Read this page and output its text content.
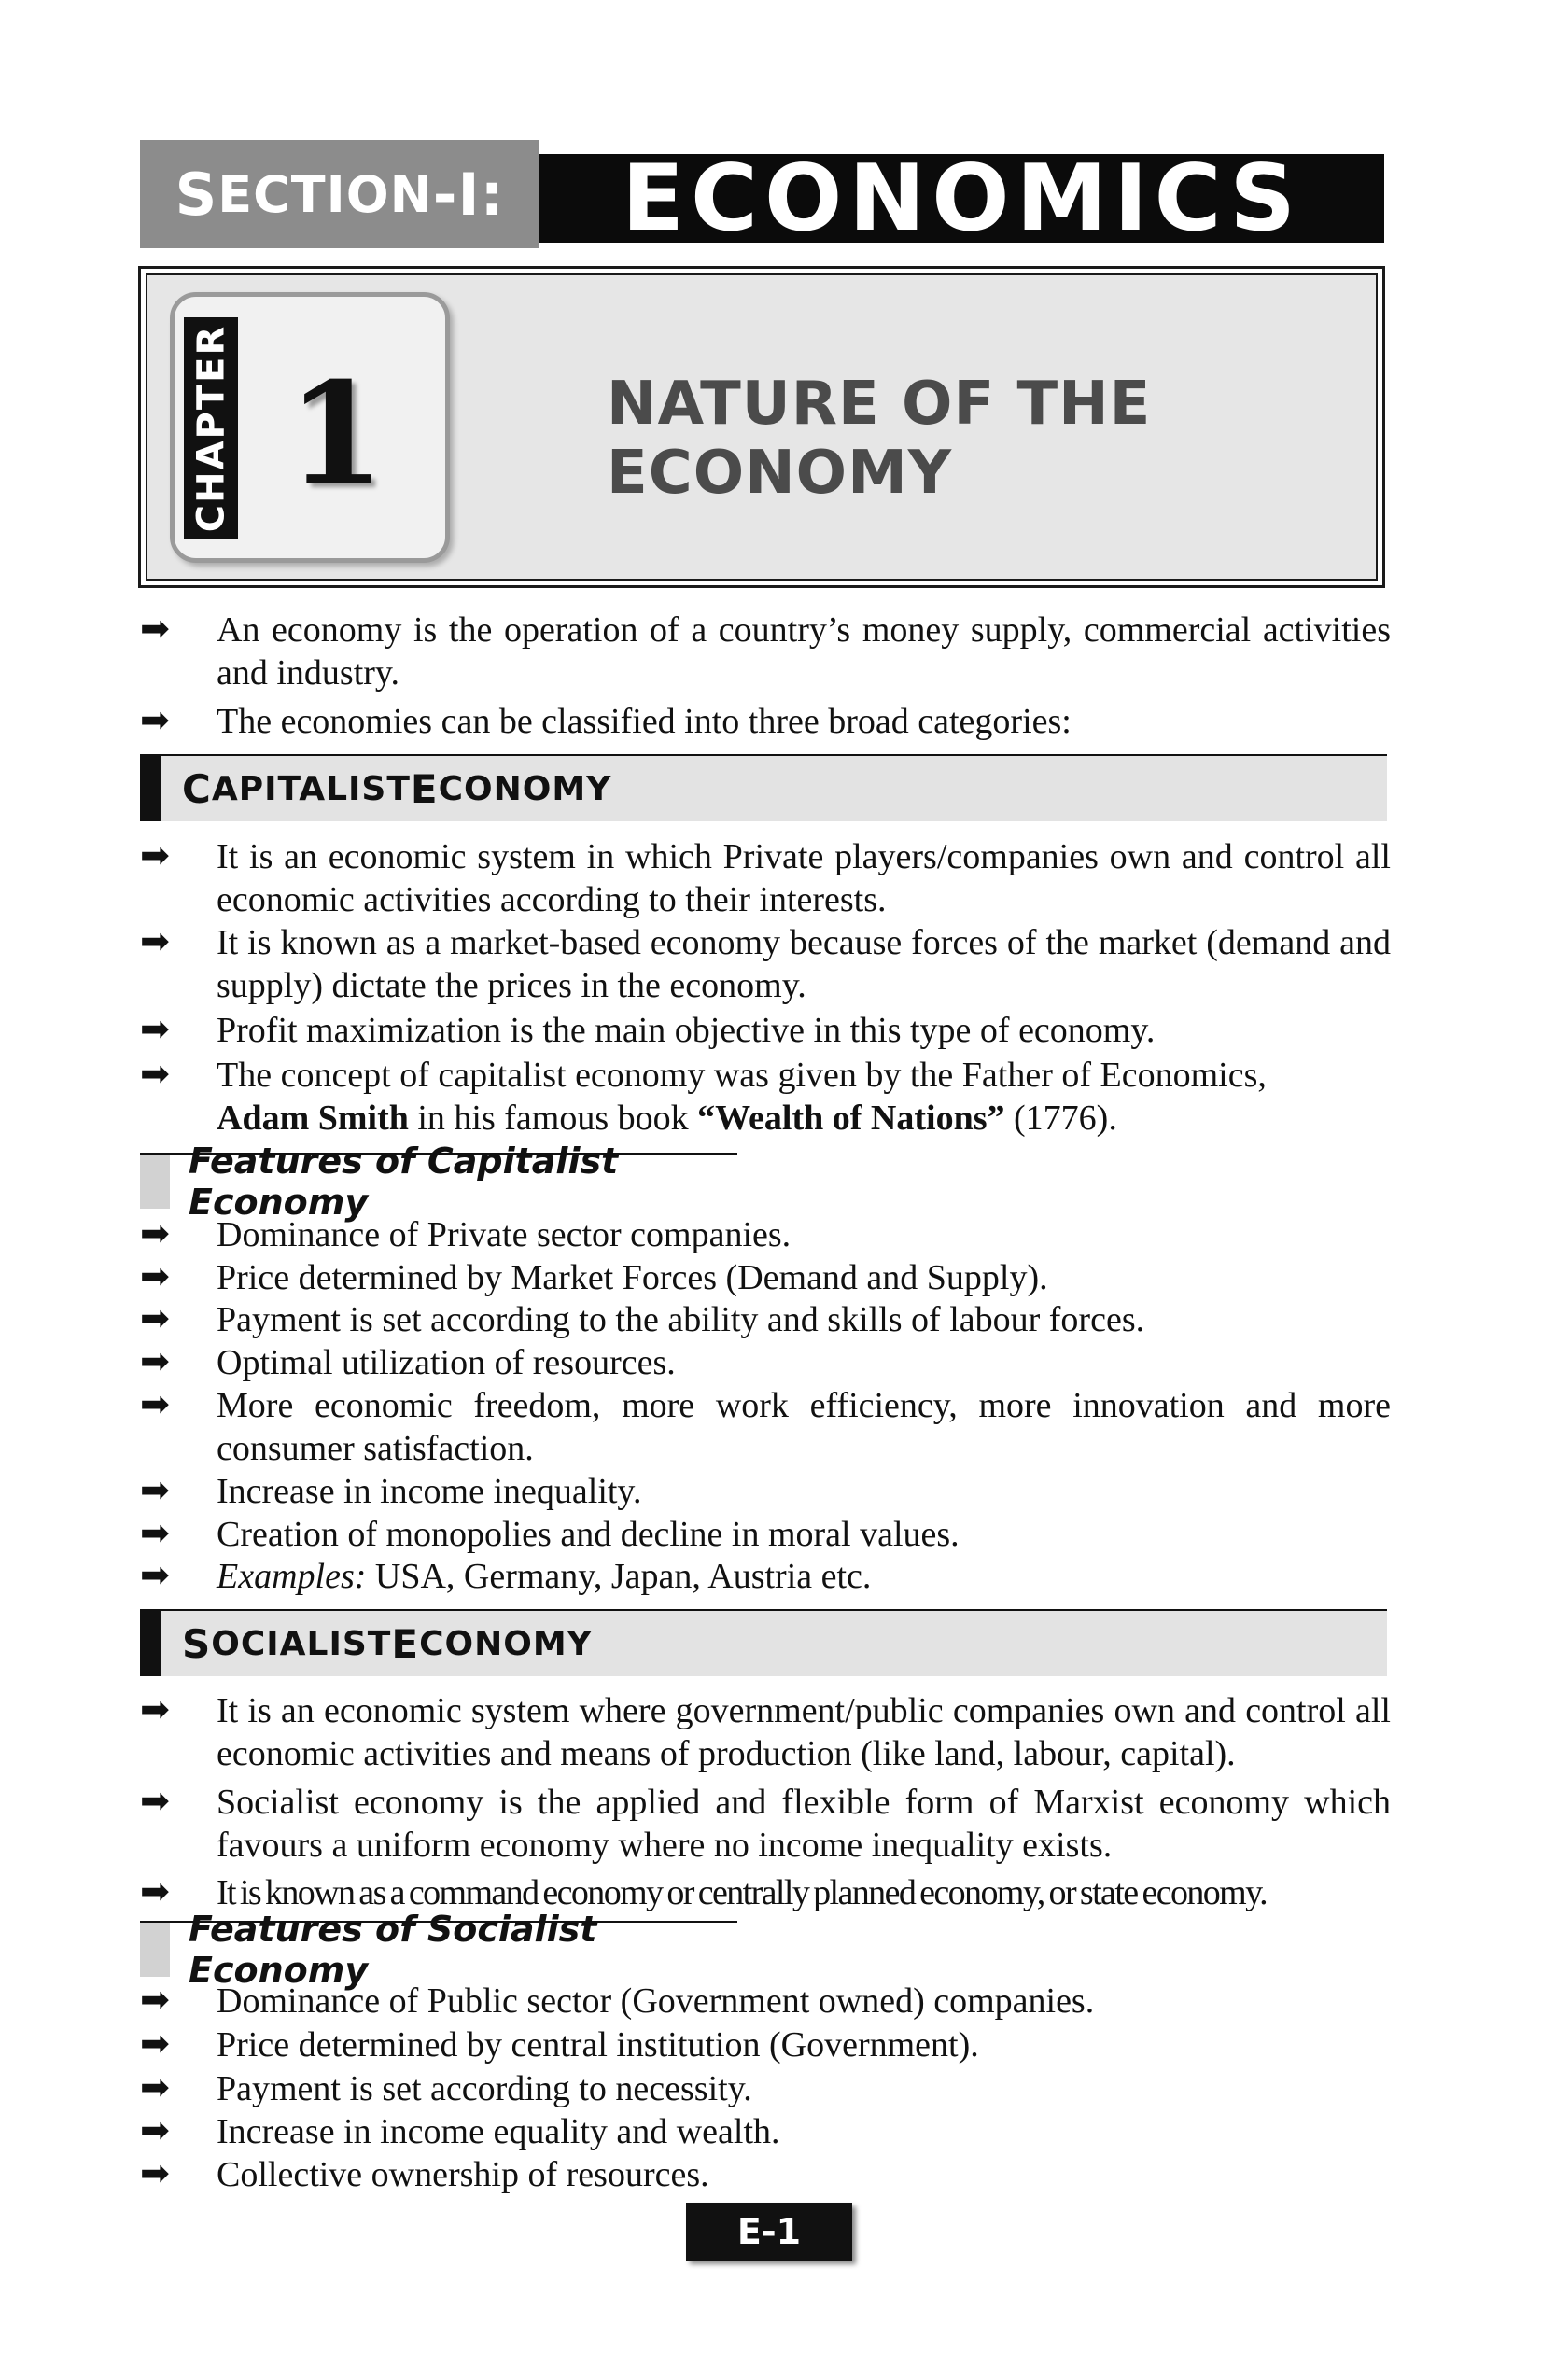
S ECTION -I:	ECONOMICS
CHAPTER 1	NATURE OF THE ECONOMY
➡	An economy is the operation of a country’s money supply, commercial activities and industry.
➡	The economies can be classified into three broad categories:
C APITALIST E CONOMY
➡	It is an economic system in which Private players/companies own and control all economic activities according to their interests.
➡	It is known as a market-based economy because forces of the market (demand and supply) dictate the prices in the economy.
➡	Profit maximization is the main objective in this type of economy.
➡	The concept of capitalist economy was given by the Father of Economics,
Adam Smith in his famous book “Wealth of Nations” (1776).
Features of Capitalist Economy
➡	Dominance of Private sector companies.
➡	Price determined by Market Forces (Demand and Supply).
➡	Payment is set according to the ability and skills of labour forces.
➡	Optimal utilization of resources.
➡	More economic freedom, more work efficiency, more innovation and more consumer satisfaction.
➡	Increase in income inequality.
➡	Creation of monopolies and decline in moral values.
➡	Examples: USA, Germany, Japan, Austria etc.
S OCIALIST E CONOMY
➡	It is an economic system where government/public companies own and control all economic activities and means of production (like land, labour, capital).
➡	Socialist economy is the applied and flexible form of Marxist economy which favours a uniform economy where no income inequality exists.
➡	It is known as a command economy or centrally planned economy, or state economy.
Features of Socialist Economy
➡	Dominance of Public sector (Government owned) companies.
➡	Price determined by central institution (Government).
➡	Payment is set according to necessity.
➡	Increase in income equality and wealth.
➡	Collective ownership of resources.
E-1
